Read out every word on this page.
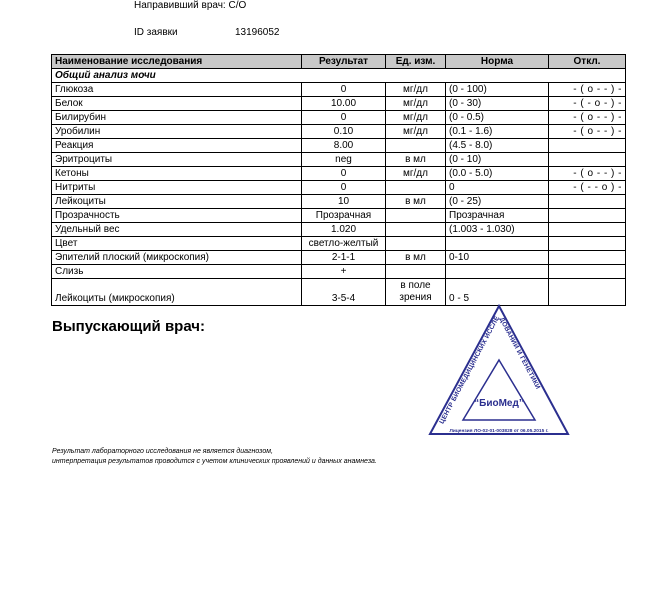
Направивший врач: С/О
ID заявки	13196052
Наименование исследования	Результат	Ед. изм.	Норма	Откл.
Общий анализ мочи				
Глюкоза	0	мг/дл	(0 - 100)	- ( о - - ) -
Белок	10.00	мг/дл	(0 - 30)	- ( - о - ) -
Билирубин	0	мг/дл	(0 - 0.5)	- ( о - - ) -
Уробилин	0.10	мг/дл	(0.1 - 1.6)	- ( о - - ) -
Реакция	8.00		(4.5 - 8.0)	
Эритроциты	neg	в мл	(0 - 10)	
Кетоны	0	мг/дл	(0.0 - 5.0)	- ( о - - ) -
Нитриты	0		0	- ( - - о ) -
Лейкоциты	10	в мл	(0 - 25)	
Прозрачность	Прозрачная		Прозрачная	
Удельный вес	1.020		(1.003 - 1.030)	
Цвет	светло-желтый			
Эпителий плоский (микроскопия)	2-1-1	в мл	0-10	
Слизь	+			
Лейкоциты (микроскопия)	3-5-4	в поле зрения	0 - 5	
Выпускающий врач:
ЦЕНТР БИОМЕДИЦИНСКИХ ИССЛЕДОВАНИЙ И ГЕНЕТИКИ
“БиоМед”
Лицензия ЛО-02-01-003828 от 06.05.2015 г.
Результат лабораторного исследования не является диагнозом,
интерпретация результатов проводится с учетом клинических проявлений и данных анамнеза.
